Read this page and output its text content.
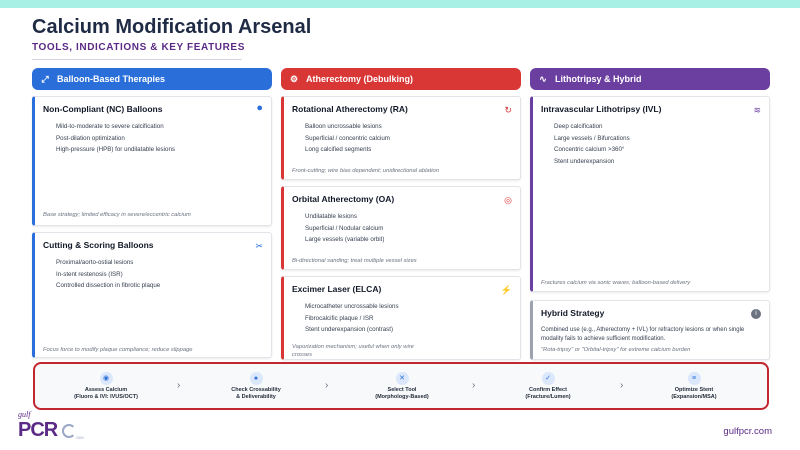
Calcium Modification Arsenal
TOOLS, INDICATIONS & KEY FEATURES
⤢ Balloon-Based Therapies
Non-Compliant (NC) Balloons	●
Mild-to-moderate to severe calcification
Post-dilation optimization
High-pressure (HPB) for undilatable lesions
Base strategy; limited efficacy in severe/eccentric calcium
Cutting & Scoring Balloons	✂
Proximal/aorto-ostial lesions
In-stent restenosis (ISR)
Controlled dissection in fibrotic plaque
Focus force to modify plaque compliance; reduce slippage
⚙ Atherectomy (Debulking)
Rotational Atherectomy (RA)	↻
Balloon uncrossable lesions
Superficial / concentric calcium
Long calcified segments
Front-cutting; wire bias dependent; unidirectional ablation
Orbital Atherectomy (OA)	◎
Undilatable lesions
Superficial / Nodular calcium
Large vessels (variable orbit)
Bi-directional sanding; treat multiple vessel sizes
Excimer Laser (ELCA)	⚡
Microcatheter uncrossable lesions
Fibrocalcific plaque / ISR
Stent underexpansion (contrast)
Vaporization mechanism; useful when only wire crosses
∿ Lithotripsy & Hybrid
Intravascular Lithotripsy (IVL)	≋
Deep calcification
Large vessels / Bifurcations
Concentric calcium >360°
Stent underexpansion
Fractures calcium via sonic waves; balloon-based delivery
Hybrid Strategy	i
Combined use (e.g., Atherectomy + IVL) for refractory lesions or when single modality fails to achieve sufficient modification.
"Rota-tripsy" or "Orbital-tripsy" for extreme calcium burden
◉
Assess Calcium
(Fluoro & IVI: IVUS/OCT)
›
♠
Check Crossability
& Deliverability
›
✕
Select Tool
(Morphology-Based)
›
✓
Confirm Effect
(Fracture/Lumen)
›
≡
Optimize Stent
(Expansion/MSA)
gulf
PCR	GIM
gulfpcr.com
